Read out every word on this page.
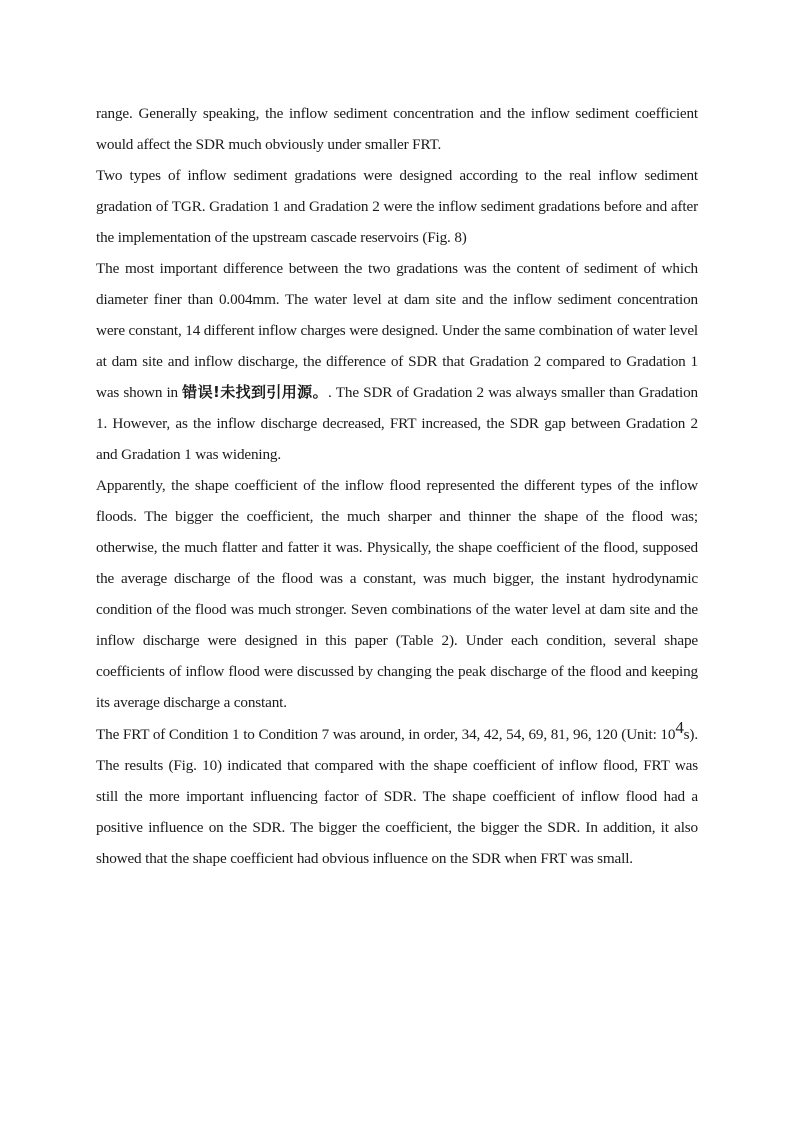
range. Generally speaking, the inflow sediment concentration and the inflow sediment coefficient would affect the SDR much obviously under smaller FRT.

Two types of inflow sediment gradations were designed according to the real inflow sediment gradation of TGR. Gradation 1 and Gradation 2 were the inflow sediment gradations before and after the implementation of the upstream cascade reservoirs (Fig. 8)

The most important difference between the two gradations was the content of sediment of which diameter finer than 0.004mm. The water level at dam site and the inflow sediment concentration were constant, 14 different inflow charges were designed. Under the same combination of water level at dam site and inflow discharge, the difference of SDR that Gradation 2 compared to Gradation 1 was shown in 错误!未找到引用源。. The SDR of Gradation 2 was always smaller than Gradation 1. However, as the inflow discharge decreased, FRT increased, the SDR gap between Gradation 2 and Gradation 1 was widening.

Apparently, the shape coefficient of the inflow flood represented the different types of the inflow floods. The bigger the coefficient, the much sharper and thinner the shape of the flood was; otherwise, the much flatter and fatter it was. Physically, the shape coefficient of the flood, supposed the average discharge of the flood was a constant, was much bigger, the instant hydrodynamic condition of the flood was much stronger. Seven combinations of the water level at dam site and the inflow discharge were designed in this paper (Table 2). Under each condition, several shape coefficients of inflow flood were discussed by changing the peak discharge of the flood and keeping its average discharge a constant.

The FRT of Condition 1 to Condition 7 was around, in order, 34, 42, 54, 69, 81, 96, 120 (Unit: 104s). The results (Fig. 10) indicated that compared with the shape coefficient of inflow flood, FRT was still the more important influencing factor of SDR. The shape coefficient of inflow flood had a positive influence on the SDR. The bigger the coefficient, the bigger the SDR. In addition, it also showed that the shape coefficient had obvious influence on the SDR when FRT was small.
